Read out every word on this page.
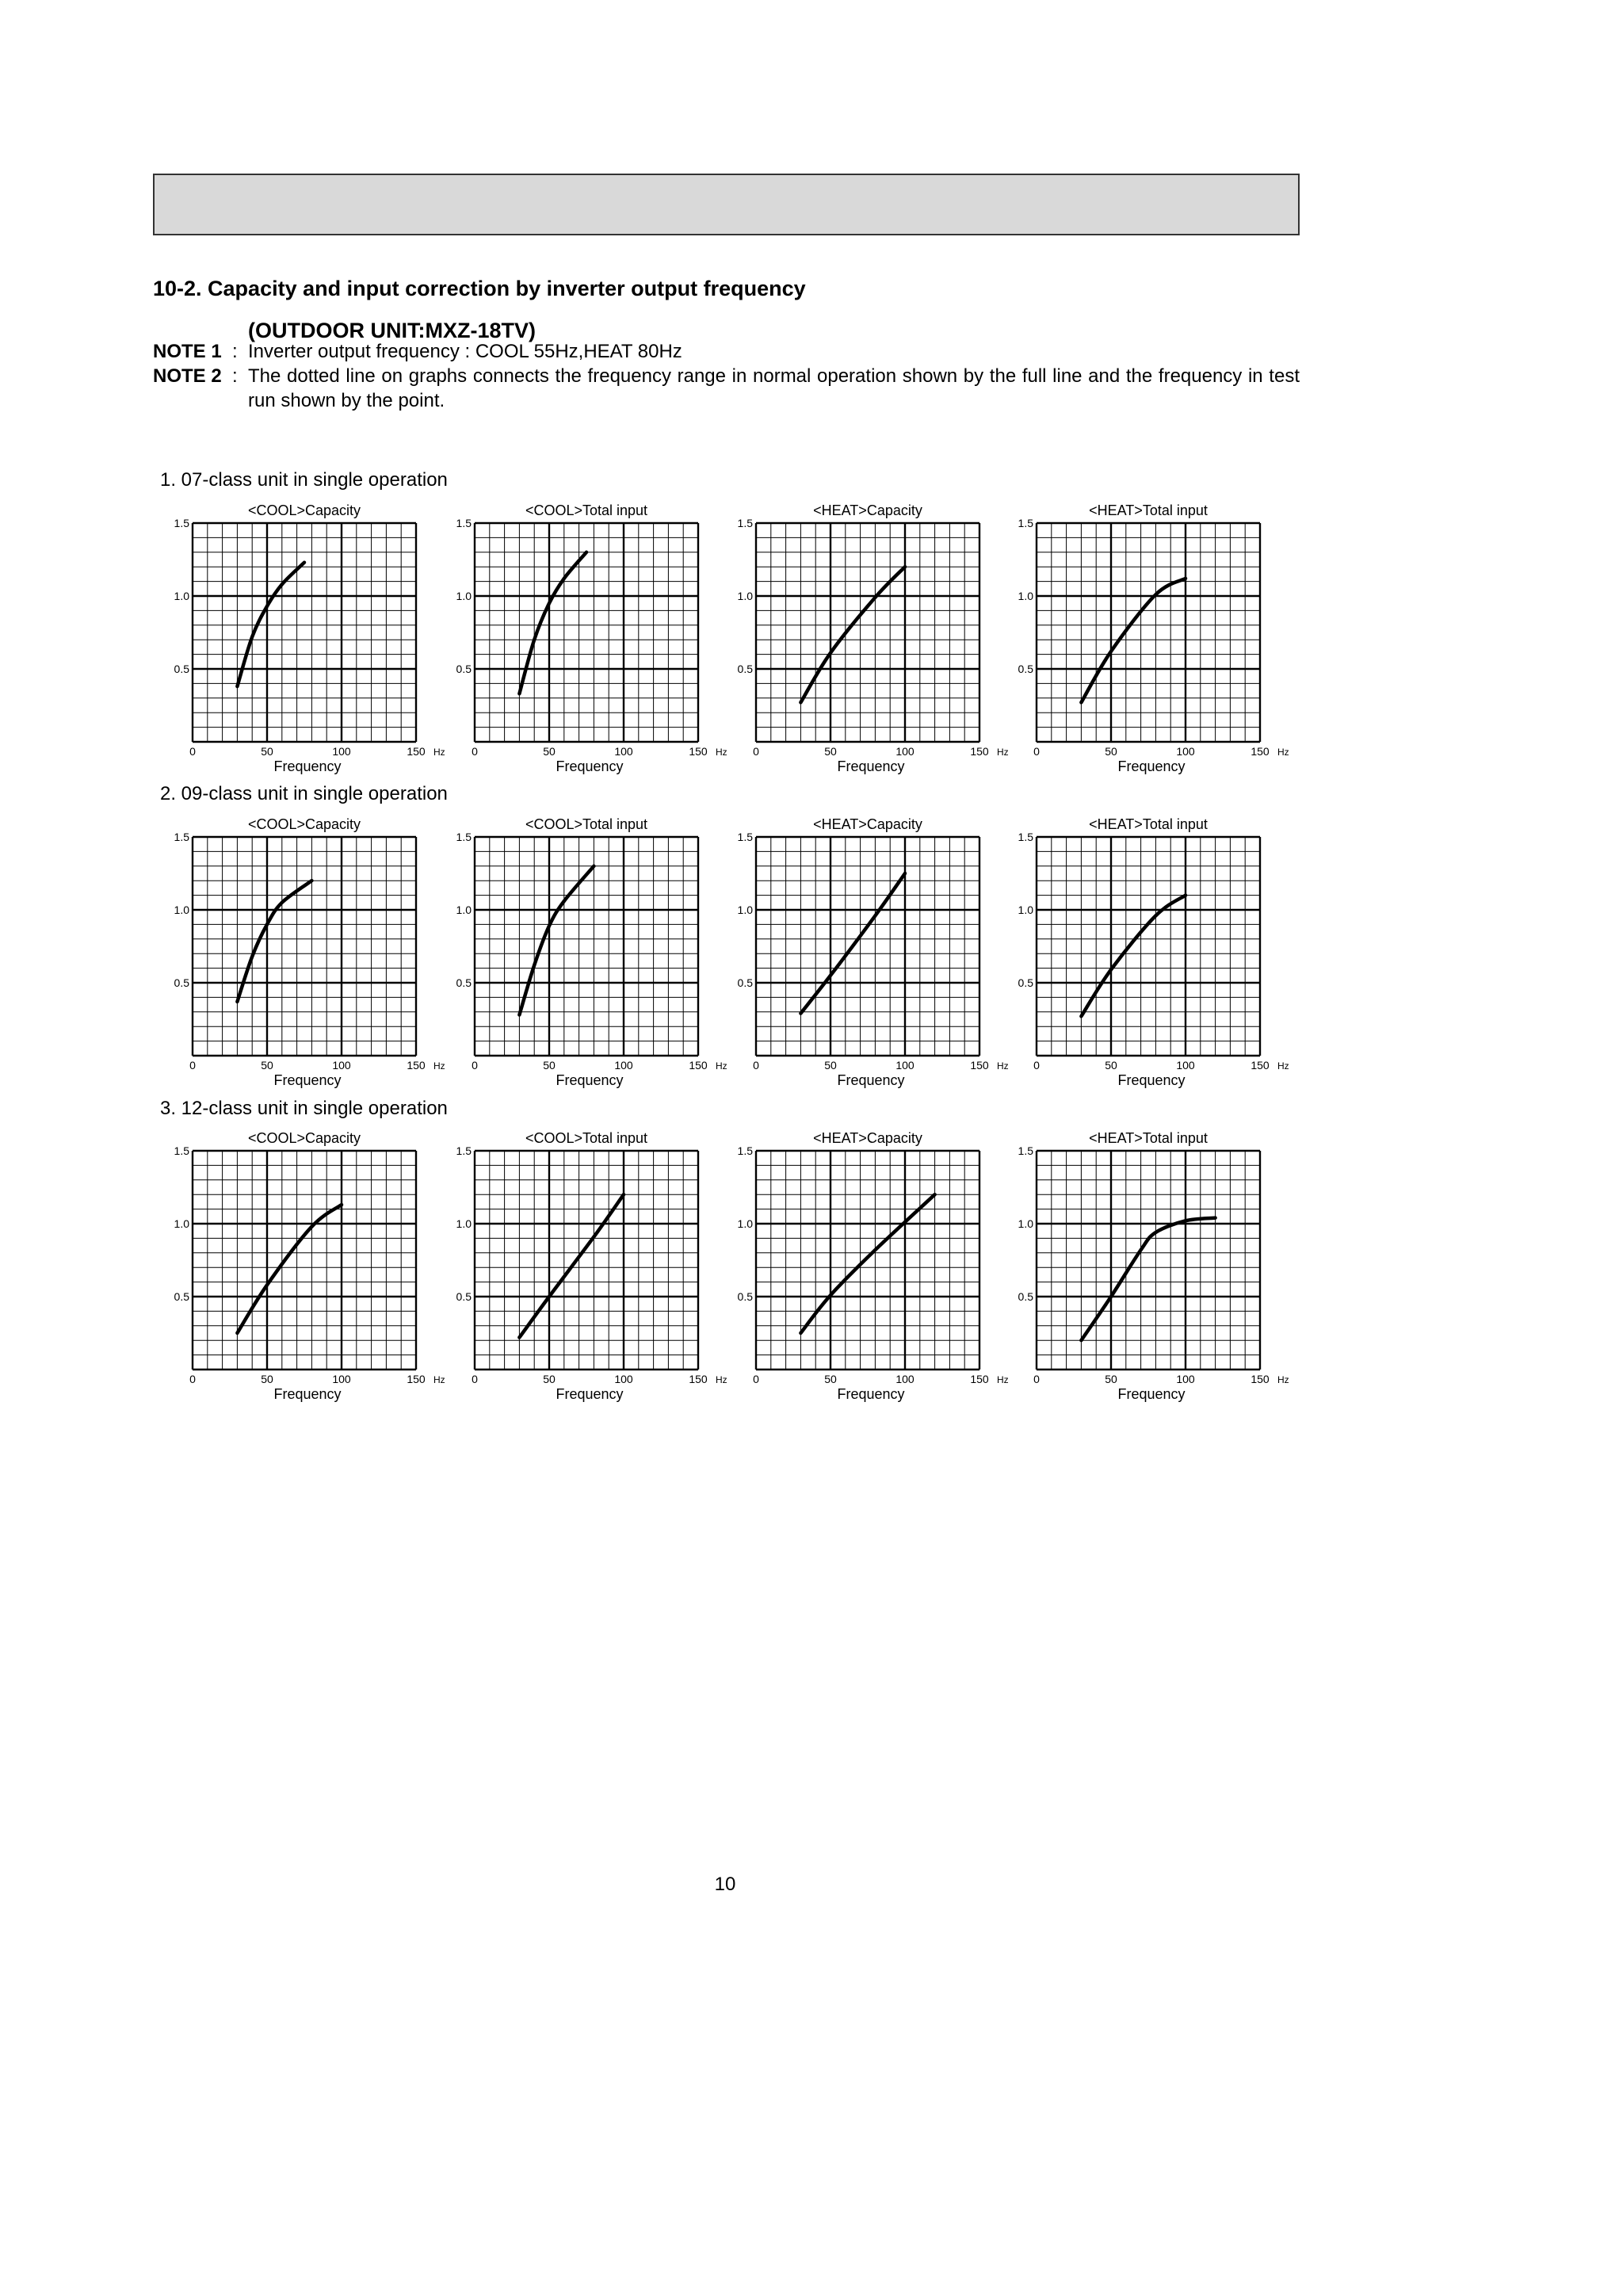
10-2. Capacity and input correction by inverter output frequency
(OUTDOOR UNIT:MXZ-18TV)
NOTE 1 : Inverter output frequency : COOL 55Hz,HEAT 80Hz
NOTE 2 : The dotted line on graphs connects the frequency range in normal operation shown by the full line and the frequency in test run shown by the point.
1. 07-class unit in single operation
2. 09-class unit in single operation
3. 12-class unit in single operation
<COOL>Capacity
0.5
1.0
1.5
0	50	100	150 Hz
Frequency
<COOL>Total input
0.5
1.0
1.5
0	50	100	150 Hz
Frequency
<HEAT>Capacity
0.5
1.0
1.5
0	50	100	150 Hz
Frequency
<HEAT>Total input
0.5
1.0
1.5
0	50	100	150 Hz
Frequency
<COOL>Capacity
0.5
1.0
1.5
0	50	100	150 Hz
Frequency
<COOL>Total input
0.5
1.0
1.5
0	50	100	150 Hz
Frequency
<HEAT>Capacity
0.5
1.0
1.5
0	50	100	150 Hz
Frequency
<HEAT>Total input
0.5
1.0
1.5
0	50	100	150 Hz
Frequency
<COOL>Capacity
0.5
1.0
1.5
0	50	100	150 Hz
Frequency
<COOL>Total input
0.5
1.0
1.5
0	50	100	150 Hz
Frequency
<HEAT>Capacity
0.5
1.0
1.5
0	50	100	150 Hz
Frequency
<HEAT>Total input
0.5
1.0
1.5
0	50	100	150 Hz
Frequency
10
